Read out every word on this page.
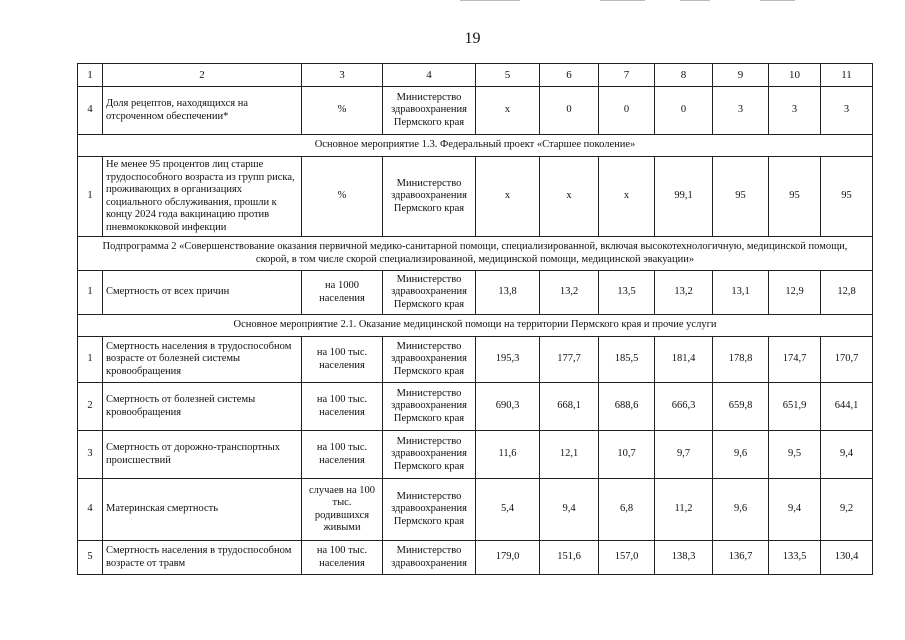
19
1	2	3	4	5	6	7	8	9	10	11
4	Доля рецептов, находящихся на отсроченном обеспечении*	%	Министерство здравоохранения Пермского края	х	0	0	0	3	3	3
Основное мероприятие 1.3. Федеральный проект «Старшее поколение»										
1	Не менее 95 процентов лиц старше трудоспособного возраста из групп риска, проживающих в организациях социального обслуживания, прошли к концу 2024 года вакцинацию против пневмококковой инфекции	%	Министерство здравоохранения Пермского края	х	х	х	99,1	95	95	95
Подпрограмма 2 «Совершенствование оказания первичной медико-санитарной помощи, специализированной, включая высокотехнологичную, медицинской помощи, скорой, в том числе скорой специализированной, медицинской помощи, медицинской эвакуации»										
1	Смертность от всех причин	на 1000 населения	Министерство здравоохранения Пермского края	13,8	13,2	13,5	13,2	13,1	12,9	12,8
Основное мероприятие 2.1. Оказание медицинской помощи на территории Пермского края и прочие услуги										
1	Смертность населения в трудоспособном возрасте от болезней системы кровообращения	на 100 тыс. населения	Министерство здравоохранения Пермского края	195,3	177,7	185,5	181,4	178,8	174,7	170,7
2	Смертность от болезней системы кровообращения	на 100 тыс. населения	Министерство здравоохранения Пермского края	690,3	668,1	688,6	666,3	659,8	651,9	644,1
3	Смертность от дорожно-транспортных происшествий	на 100 тыс. населения	Министерство здравоохранения Пермского края	11,6	12,1	10,7	9,7	9,6	9,5	9,4
4	Материнская смертность	случаев на 100 тыс. родившихся живыми	Министерство здравоохранения Пермского края	5,4	9,4	6,8	11,2	9,6	9,4	9,2
5	Смертность населения в трудоспособном возрасте от травм	на 100 тыс. населения	Министерство здравоохранения	179,0	151,6	157,0	138,3	136,7	133,5	130,4
